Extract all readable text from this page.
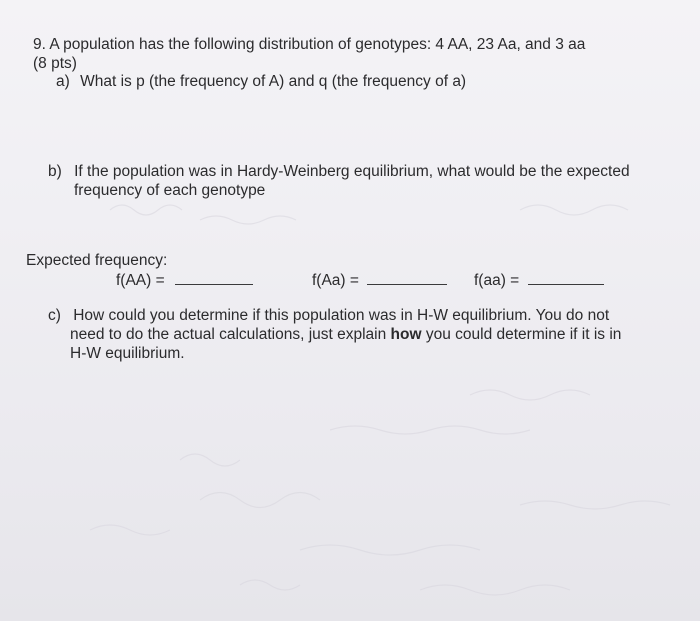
9. A population has the following distribution of genotypes: 4 AA, 23 Aa, and 3 aa
(8 pts)
a) What is p (the frequency of A) and q (the frequency of a)
b) If the population was in Hardy-Weinberg equilibrium, what would be the expected
frequency of each genotype
Expected frequency:
f(AA) =	f(Aa) =	f(aa) =
c) How could you determine if this population was in H-W equilibrium. You do not
need to do the actual calculations, just explain how you could determine if it is in
H-W equilibrium.
